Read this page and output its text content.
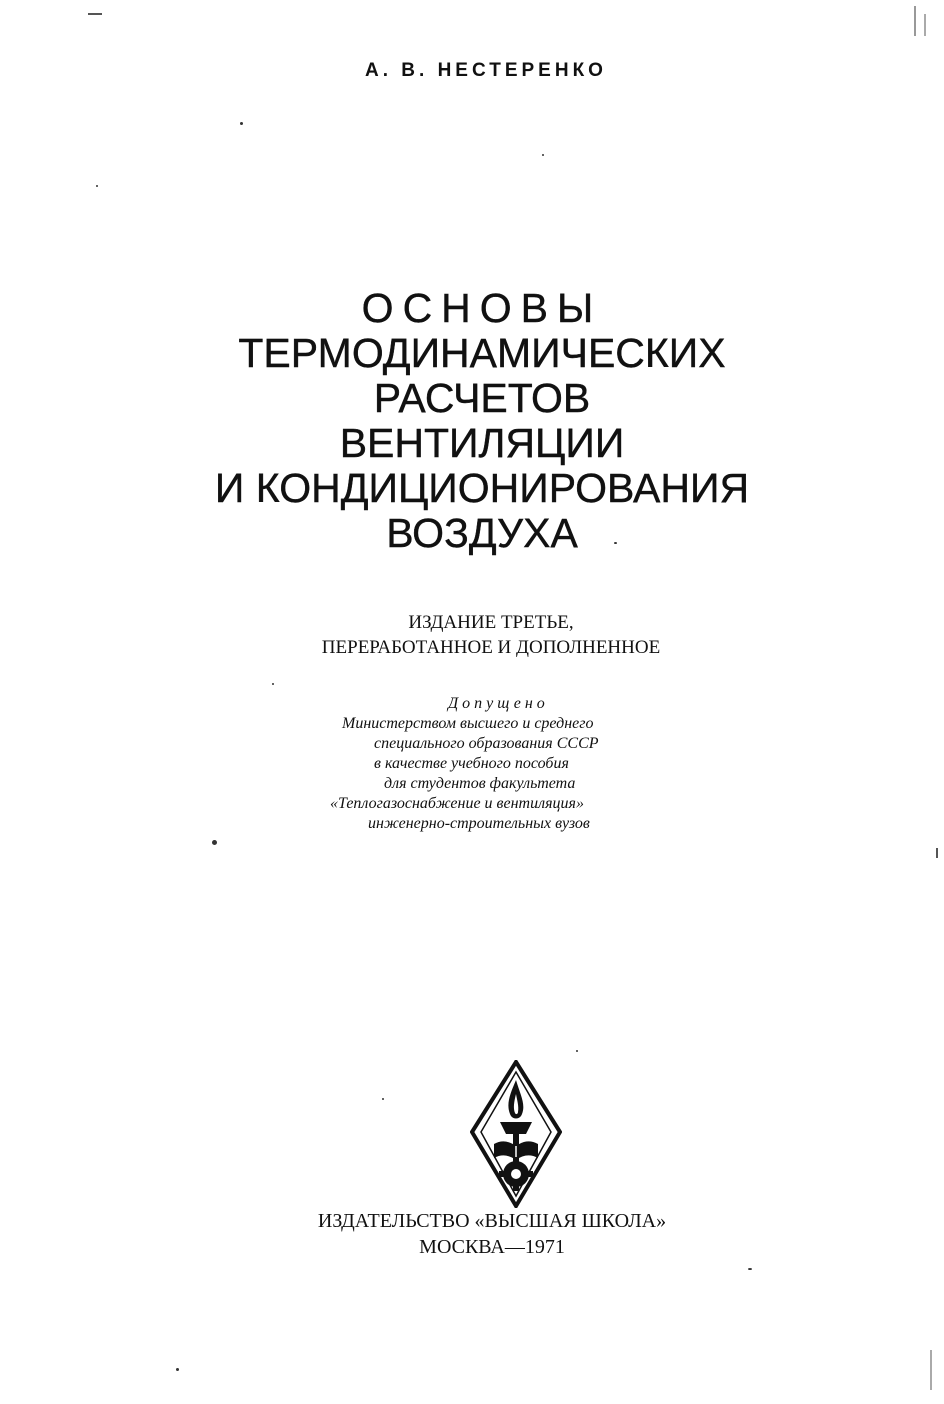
А. В. НЕСТЕРЕНКО
ОСНОВЫ
ТЕРМОДИНАМИЧЕСКИХ
РАСЧЕТОВ
ВЕНТИЛЯЦИИ
И КОНДИЦИОНИРОВАНИЯ
ВОЗДУХА
ИЗДАНИЕ ТРЕТЬЕ,
ПЕРЕРАБОТАННОЕ И ДОПОЛНЕННОЕ
Допущено
Министерством высшего и среднего
специального образования СССР
в качестве учебного пособия
для студентов факультета
«Теплогазоснабжение и вентиляция»
инженерно-строительных вузов
ИЗДАТЕЛЬСТВО «ВЫСШАЯ ШКОЛА»
МОСКВА—1971
